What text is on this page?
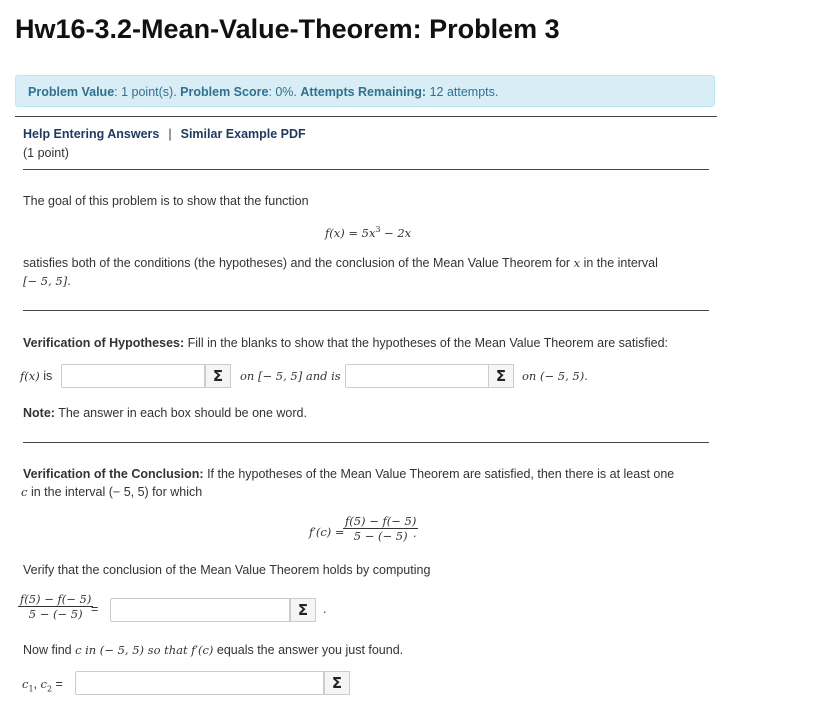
Hw16-3.2-Mean-Value-Theorem: Problem 3
Problem Value: 1 point(s). Problem Score: 0%. Attempts Remaining: 12 attempts.
Help Entering Answers | Similar Example PDF
(1 point)
The goal of this problem is to show that the function
$f(x) = 5x^3 - 2x$
satisfies both of the conditions (the hypotheses) and the conclusion of the Mean Value Theorem for x in the interval
[− 5, 5].
Verification of Hypotheses: Fill in the blanks to show that the hypotheses of the Mean Value Theorem are satisfied:
f(x) is	Σ	on [− 5, 5] and is	Σ	on (− 5, 5).
Note: The answer in each box should be one word.
Verification of the Conclusion: If the hypotheses of the Mean Value Theorem are satisfied, then there is at least one
c in the interval (− 5, 5) for which
f′(c) =
$\frac{f(5) - f(- 5)}{5 - (- 5)}$
.
Verify that the conclusion of the Mean Value Theorem holds by computing
$\frac{f(5) - f(- 5)}{5 - (- 5)}$
=	Σ	.
Now find c in (− 5, 5) so that f′(c) equals the answer you just found.
$c_1$, $c_2$ =	Σ
